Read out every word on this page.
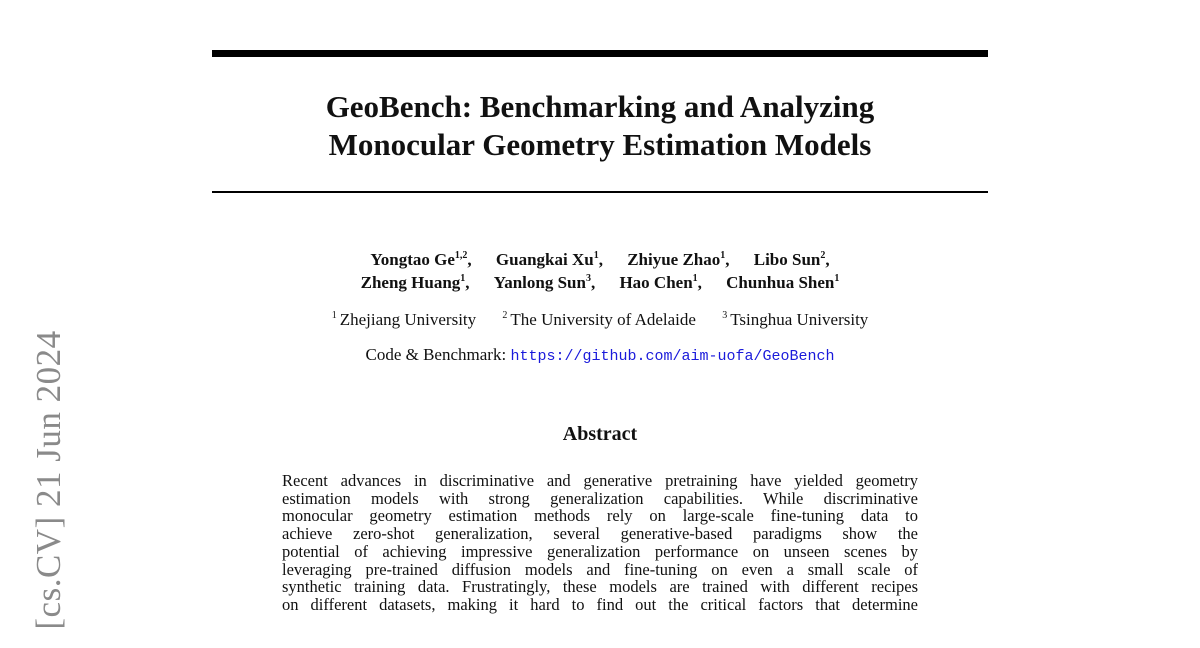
[cs.CV] 21 Jun 2024
GeoBench: Benchmarking and Analyzing
Monocular Geometry Estimation Models
Yongtao Ge$^{1,2}$, Guangkai Xu$^1$, Zhiyue Zhao$^1$, Libo Sun$^2$,
Zheng Huang$^1$, Yanlong Sun$^3$, Hao Chen$^1$, Chunhua Shen$^1$
$^1$ Zhejiang University	$^2$ The University of Adelaide	$^3$ Tsinghua University
Code & Benchmark: https://github.com/aim-uofa/GeoBench
Abstract

Recent advances in discriminative and generative pretraining have yielded geometry
estimation models with strong generalization capabilities. While discriminative
monocular geometry estimation methods rely on large-scale fine-tuning data to
achieve zero-shot generalization, several generative-based paradigms show the
potential of achieving impressive generalization performance on unseen scenes by
leveraging pre-trained diffusion models and fine-tuning on even a small scale of
synthetic training data. Frustratingly, these models are trained with different recipes
on different datasets, making it hard to find out the critical factors that determine
